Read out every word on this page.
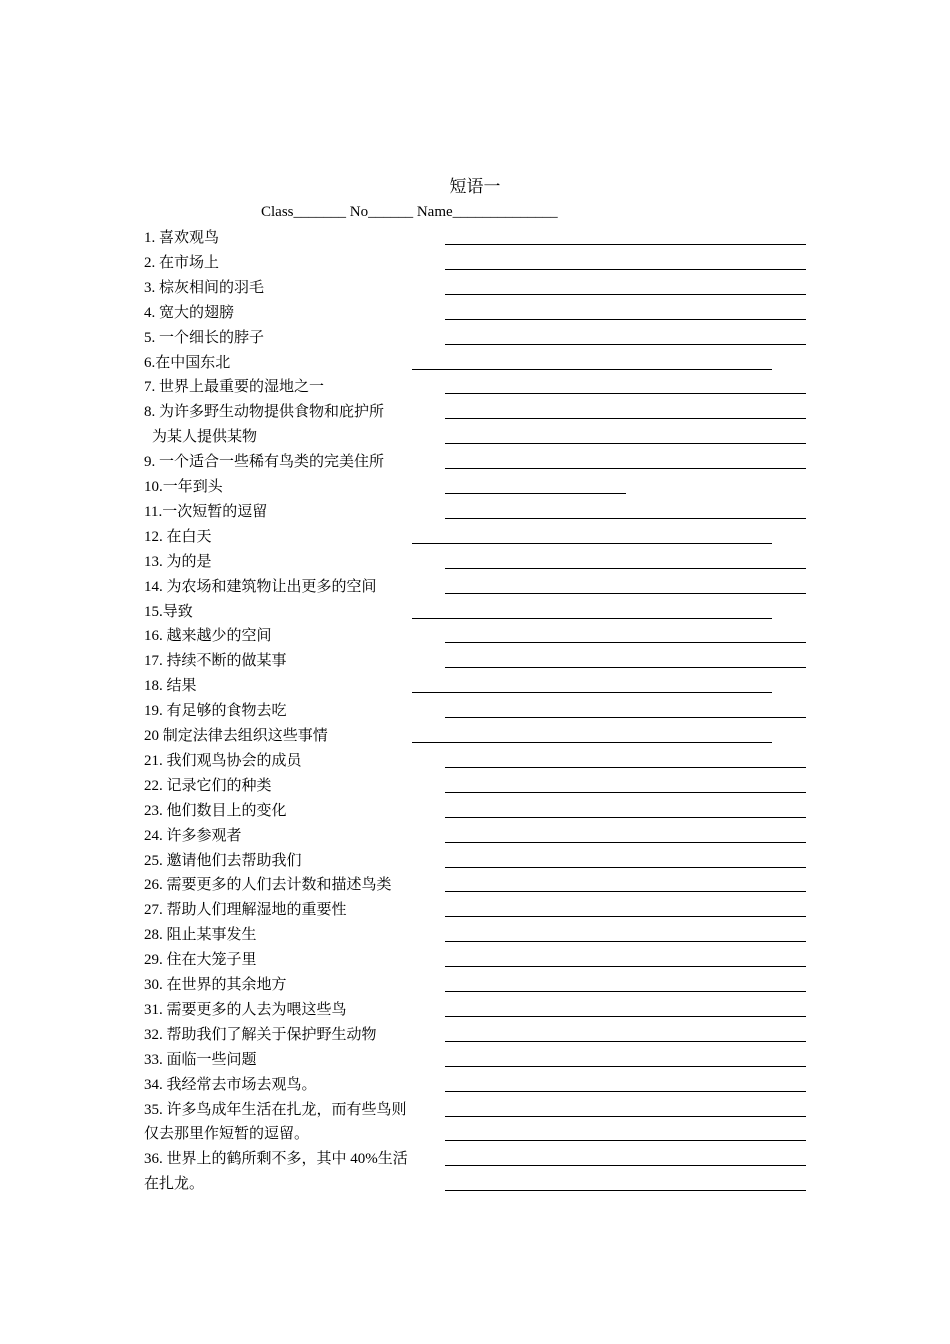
短语一
Class_______ No______ Name______________
1. 喜欢观鸟
2. 在市场上
3. 棕灰相间的羽毛
4. 宽大的翅膀
5. 一个细长的脖子
6.在中国东北
7. 世界上最重要的湿地之一
8. 为许多野生动物提供食物和庇护所
为某人提供某物
9. 一个适合一些稀有鸟类的完美住所
10.一年到头
11.一次短暂的逗留
12. 在白天
13. 为的是
14. 为农场和建筑物让出更多的空间
15.导致
16. 越来越少的空间
17. 持续不断的做某事
18. 结果
19. 有足够的食物去吃
20 制定法律去组织这些事情
21. 我们观鸟协会的成员
22. 记录它们的种类
23. 他们数目上的变化
24. 许多参观者
25. 邀请他们去帮助我们
26. 需要更多的人们去计数和描述鸟类
27. 帮助人们理解湿地的重要性
28. 阻止某事发生
29. 住在大笼子里
30. 在世界的其余地方
31. 需要更多的人去为喂这些鸟
32. 帮助我们了解关于保护野生动物
33. 面临一些问题
34. 我经常去市场去观鸟。
35. 许多鸟成年生活在扎龙，而有些鸟则
仅去那里作短暂的逗留。
36. 世界上的鹤所剩不多，其中 40%生活
在扎龙。
